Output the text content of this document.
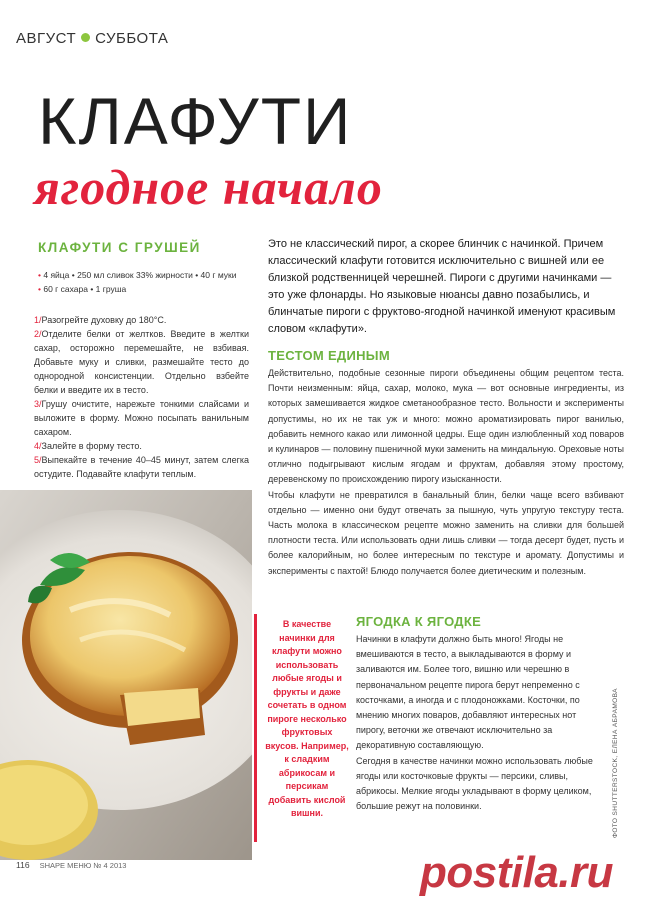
АВГУСТ СУББОТА
КЛАФУТИ
ягодное начало
КЛАФУТИ С ГРУШЕЙ
• 4 яйца • 250 мл сливок 33% жирности • 40 г муки
• 60 г сахара • 1 груша

1/Разогрейте духовку до 180°С.

2/Отделите белки от желтков. Введите в желтки сахар, осторожно перемешайте, не взбивая. Добавьте муку и сливки, размешайте тесто до однородной консистенции. Отдельно взбейте белки и введите их в тесто.

3/Грушу очистите, нарежьте тонкими слайсами и выложите в форму. Можно посыпать ванильным сахаром.

4/Залейте в форму тесто.

5/Выпекайте в течение 40–45 минут, затем слегка остудите. Подавайте клафути теплым.

Это не классический пирог, а скорее блинчик с начинкой. Причем классический клафути готовится исключительно с вишней или ее близкой родственницей черешней. Пироги с другими начинками — это уже флонарды. Но языковые нюансы давно позабылись, и блинчатые пироги с фруктово-ягодной начинкой именуют красивым словом «клафути».
ТЕСТОМ ЕДИНЫМ

Действительно, подобные сезонные пироги объединены общим рецептом теста. Почти неизменным: яйца, сахар, молоко, мука — вот основные ингредиенты, из которых замешивается жидкое сметанообразное тесто. Вольности и эксперименты допустимы, но их не так уж и много: можно ароматизировать пирог ванилью, добавить немного какао или лимонной цедры. Еще один излюбленный ход поваров и кулинаров — половину пшеничной муки заменить на миндальную. Ореховые ноты отлично подыгрывают кислым ягодам и фруктам, добавляя этому простому, деревенскому по происхождению пирогу изысканности.

Чтобы клафути не превратился в банальный блин, белки чаще всего взбивают отдельно — именно они будут отвечать за пышную, чуть упругую текстуру теста. Часть молока в классическом рецепте можно заменить на сливки для большей плотности теста. Или использовать одни лишь сливки — тогда десерт будет, пусть и более калорийным, но более интересным по текстуре и аромату. Допустимы и эксперименты с пахтой! Блюдо получается более диетическим и полезным.

В качестве начинки для клафути можно использовать любые ягоды и фрукты и даже сочетать в одном пироге несколько фруктовых вкусов. Например, к сладким абрикосам и персикам добавить кислой вишни.
ЯГОДКА К ЯГОДКЕ

Начинки в клафути должно быть много! Ягоды не вмешиваются в тесто, а выкладываются в форму и заливаются им. Более того, вишню или черешню в первоначальном рецепте пирога берут непременно с косточками, а иногда и с плодоножками. Косточки, по мнению многих поваров, добавляют интересных нот пирогу, веточки же отвечают исключительно за декоративную составляющую.

Сегодня в качестве начинки можно использовать любые ягоды или косточковые фрукты — персики, сливы, абрикосы. Мелкие ягоды укладывают в форму целиком, большие режут на половинки.	ФОТО SHUTTERSTOCK, ЕЛЕНА АБРАМОВА
116 SHAPE МЕНЮ № 4 2013	postila.ru
